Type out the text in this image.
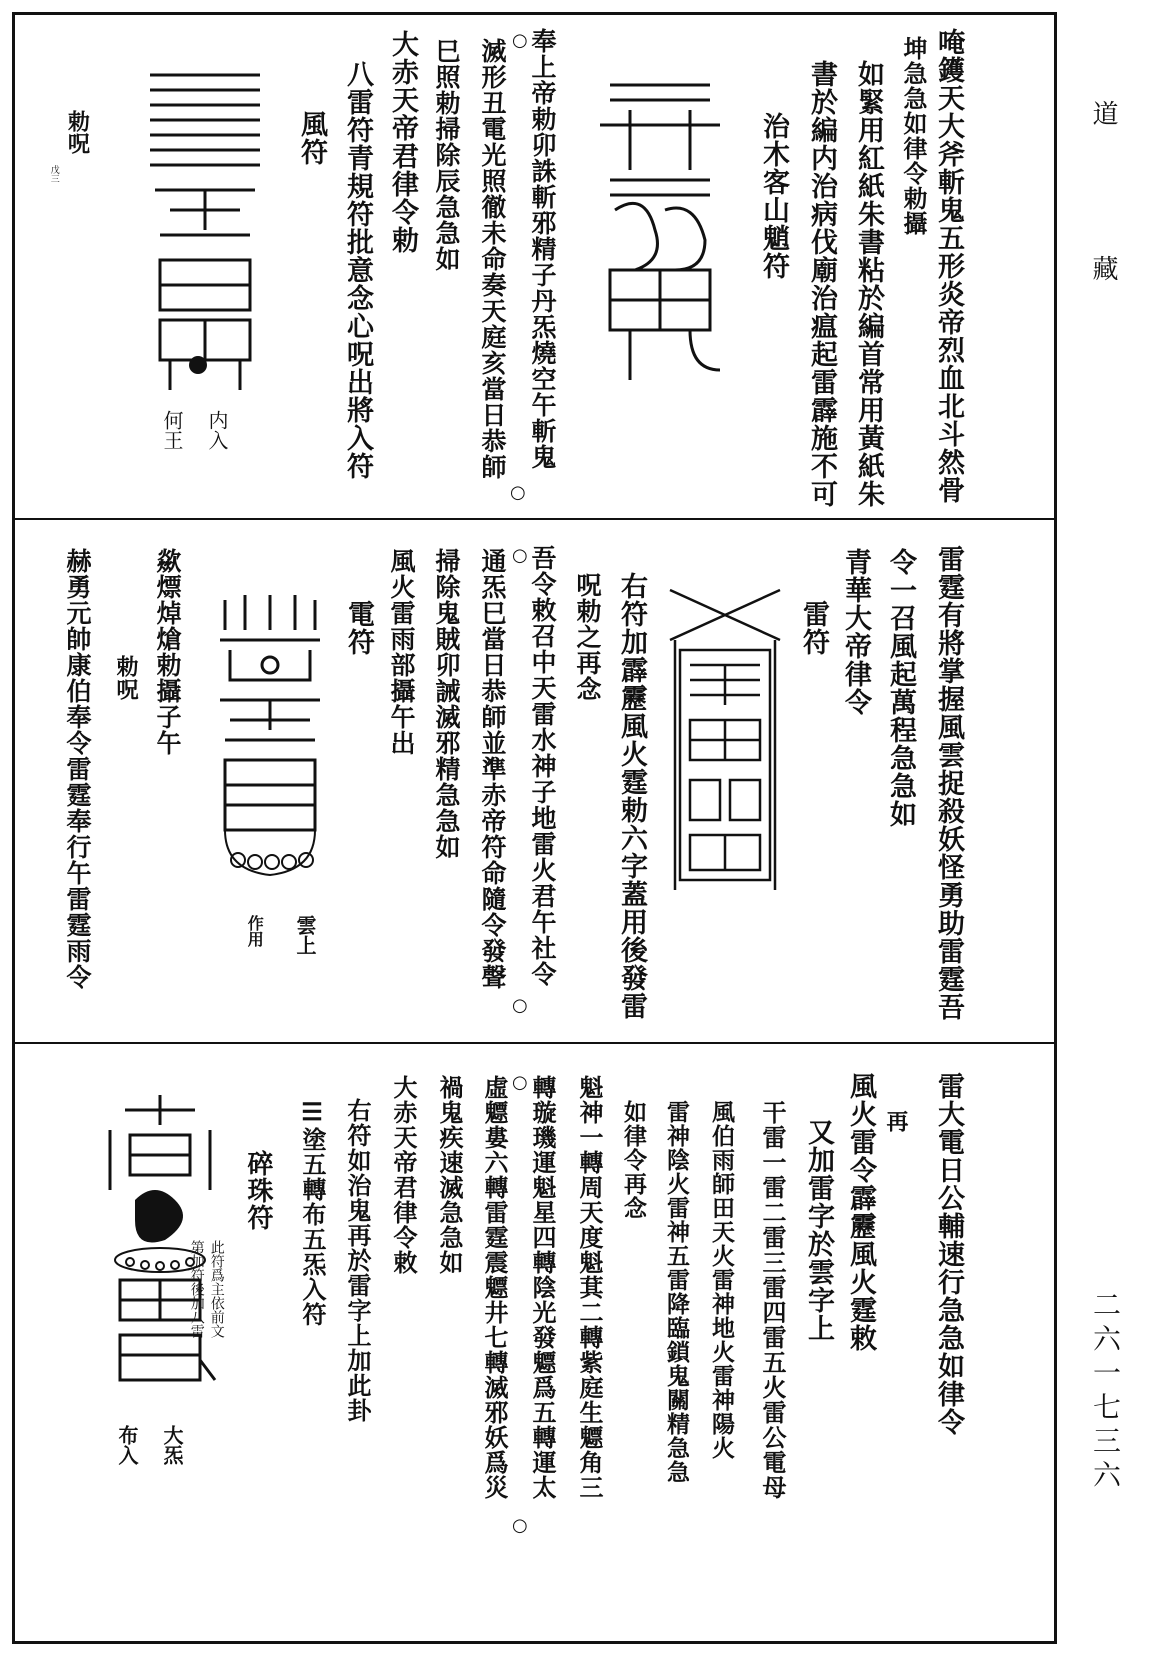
道
藏
二六一七三六
唵鑊天大斧斬鬼五形炎帝烈血北斗然骨
坤急急如律令勅攝
如緊用紅紙朱書粘於編首常用黃紙朱
書於編内治病伐廟治瘟起雷霹施不可
治木客山魈符
奉上帝勅卯誅斬邪精子丹炁燒空午斬鬼
滅形丑電光照徹未命奏天庭亥當日恭師
巳照勅掃除辰急急如
大赤天帝君律令勅
八雷符青規符批意念心呪出將入符
風符
勅呪
内入
何王
戊三
○
○
雷霆有將掌握風雲捉殺妖怪勇助雷霆吾
令一召風起萬程急急如
青華大帝律令
雷符
右符加霹靂風火霆勅六字蓋用後發雷
呪勅之再念
吾令敕召中天雷水神子地雷火君午社令
通炁巳當日恭師並準赤帝符命隨令發聲
掃除鬼賊卯誡滅邪精急急如
風火雷雨部攝午出
電符
歘熛焯熗勅攝子午
勅呪
赫勇元帥康伯奉令雷霆奉行午雷霆雨令	雲上
作用
○
○
雷大電日公輔速行急急如律令
再
風火雷令霹靂風火霆敕
又加雷字於雲字上
干雷一雷二雷三雷四雷五火雷公電母
風伯雨師田天火雷神地火雷神陽火
雷神陰火雷神五雷降臨鎖鬼關精急急
如律令再念
魁神一轉周天度魁萁二轉紫庭生魒角三
轉璇璣運魁星四轉陰光發魒爲五轉運太
虛魒婁六轉雷霆震魒井七轉滅邪妖爲災
禍鬼疾速滅急急如
大赤天帝君律令敕
右符如治鬼再於雷字上加此卦
☰塗五轉布五炁入符
碎珠符
此符爲主依前文
第加符後加八雷
大炁
布入
○
○
